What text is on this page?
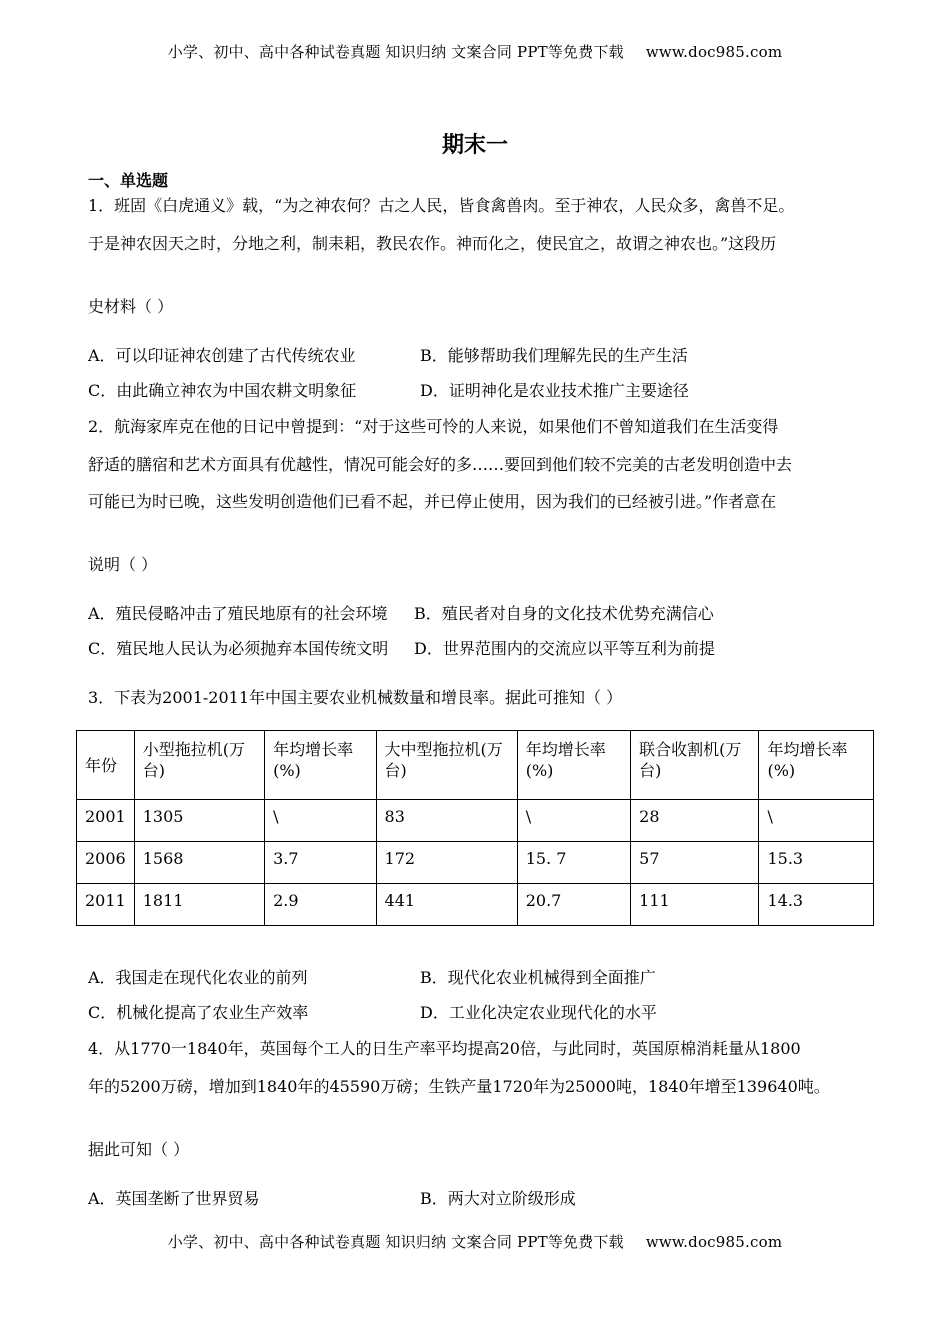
小学、初中、高中各种试卷真题 知识归纳 文案合同 PPT等免费下载 www.doc985.com
期末一
一、单选题
1．班固《白虎通义》载，“为之神农何？古之人民，皆食禽兽肉。至于神农，人民众多，禽兽不足。
于是神农因天之时，分地之利，制耒耜，教民农作。神而化之，使民宜之，故谓之神农也。”这段历
史材料（ ）
A．可以印证神农创建了古代传统农业	B．能够帮助我们理解先民的生产生活
C．由此确立神农为中国农耕文明象征	D．证明神化是农业技术推广主要途径
2．航海家库克在他的日记中曾提到：“对于这些可怜的人来说，如果他们不曾知道我们在生活变得
舒适的膳宿和艺术方面具有优越性，情况可能会好的多……要回到他们较不完美的古老发明创造中去
可能已为时已晚，这些发明创造他们已看不起，并已停止使用，因为我们的已经被引进。”作者意在
说明（ ）
A．殖民侵略冲击了殖民地原有的社会环境 B．殖民者对自身的文化技术优势充满信心
C．殖民地人民认为必须抛弃本国传统文明 D．世界范围内的交流应以平等互利为前提
3．下表为2001-2011年中国主要农业机械数量和增艮率。据此可推知（ ）
年份	小型拖拉机(万台)	年均增长率(%)	大中型拖拉机(万台)	年均增长率(%)	联合收割机(万台)	年均增长率(%)
2001	1305	\	83	\	28	\
2006	1568	3.7	172	15. 7	57	15.3
2011	1811	2.9	441	20.7	111	14.3
A．我国走在现代化农业的前列	B．现代化农业机械得到全面推广
C．机械化提高了农业生产效率	D．工业化决定农业现代化的水平
4．从1770一1840年，英国每个工人的日生产率平均提高20倍，与此同时，英国原棉消耗量从1800
年的5200万磅，增加到1840年的45590万磅；生铁产量1720年为25000吨，1840年增至139640吨。
据此可知（ ）
A．英国垄断了世界贸易	B．两大对立阶级形成
小学、初中、高中各种试卷真题 知识归纳 文案合同 PPT等免费下载 www.doc985.com
